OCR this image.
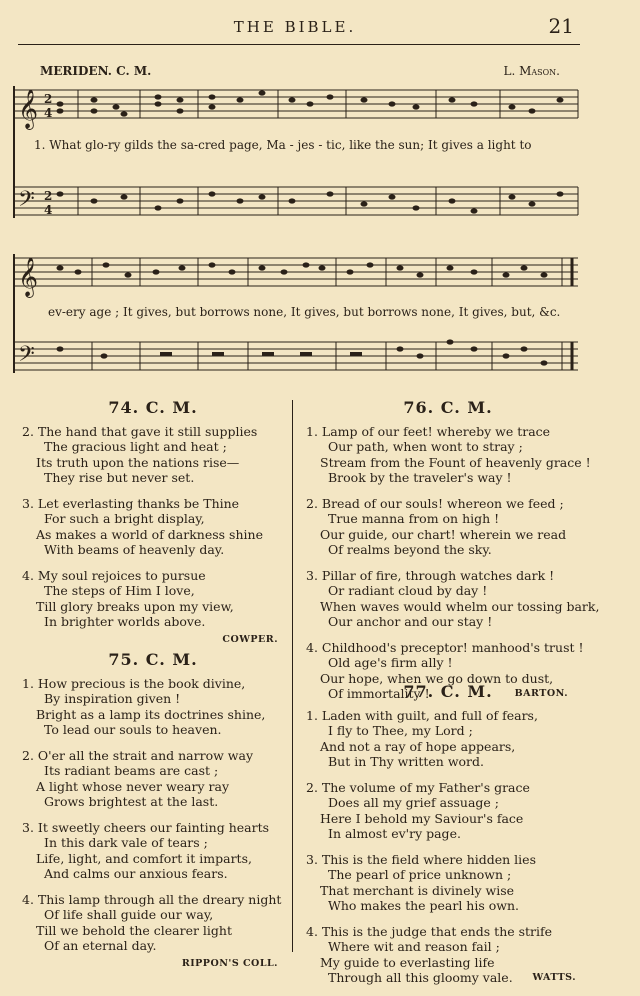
THE BIBLE.	21
MERIDEN. C. M.	L. Mason.
𝄞
𝄢
2
4
2
4
𝄞
𝄢
1. What glo-ry gilds the sa-cred page, Ma - jes - tic, like the sun; It gives a light to
ev-ery age ; It gives, but borrows none, It gives, but borrows none, It gives, but, &c.
74. C. M.
2. The hand that gave it still supplies
The gracious light and heat ;
Its truth upon the nations rise—
They rise but never set.
3. Let everlasting thanks be Thine
For such a bright display,
As makes a world of darkness shine
With beams of heavenly day.
4. My soul rejoices to pursue
The steps of Him I love,
Till glory breaks upon my view,
In brighter worlds above.
COWPER.
75. C. M.
1. How precious is the book divine,
By inspiration given !
Bright as a lamp its doctrines shine,
To lead our souls to heaven.
2. O'er all the strait and narrow way
Its radiant beams are cast ;
A light whose never weary ray
Grows brightest at the last.
3. It sweetly cheers our fainting hearts
In this dark vale of tears ;
Life, light, and comfort it imparts,
And calms our anxious fears.
4. This lamp through all the dreary night
Of life shall guide our way,
Till we behold the clearer light
Of an eternal day.
RIPPON'S COLL.
76. C. M.
1. Lamp of our feet! whereby we trace
Our path, when wont to stray ;
Stream from the Fount of heavenly grace !
Brook by the traveler's way !
2. Bread of our souls! whereon we feed ;
True manna from on high !
Our guide, our chart! wherein we read
Of realms beyond the sky.
3. Pillar of fire, through watches dark !
Or radiant cloud by day !
When waves would whelm our tossing bark,
Our anchor and our stay !
4. Childhood's preceptor! manhood's trust !
Old age's firm ally !
Our hope, when we go down to dust,
Of immortality !	BARTON.
77. C. M.
1. Laden with guilt, and full of fears,
I fly to Thee, my Lord ;
And not a ray of hope appears,
But in Thy written word.
2. The volume of my Father's grace
Does all my grief assuage ;
Here I behold my Saviour's face
In almost ev'ry page.
3. This is the field where hidden lies
The pearl of price unknown ;
That merchant is divinely wise
Who makes the pearl his own.
4. This is the judge that ends the strife
Where wit and reason fail ;
My guide to everlasting life
Through all this gloomy vale. WATTS.
